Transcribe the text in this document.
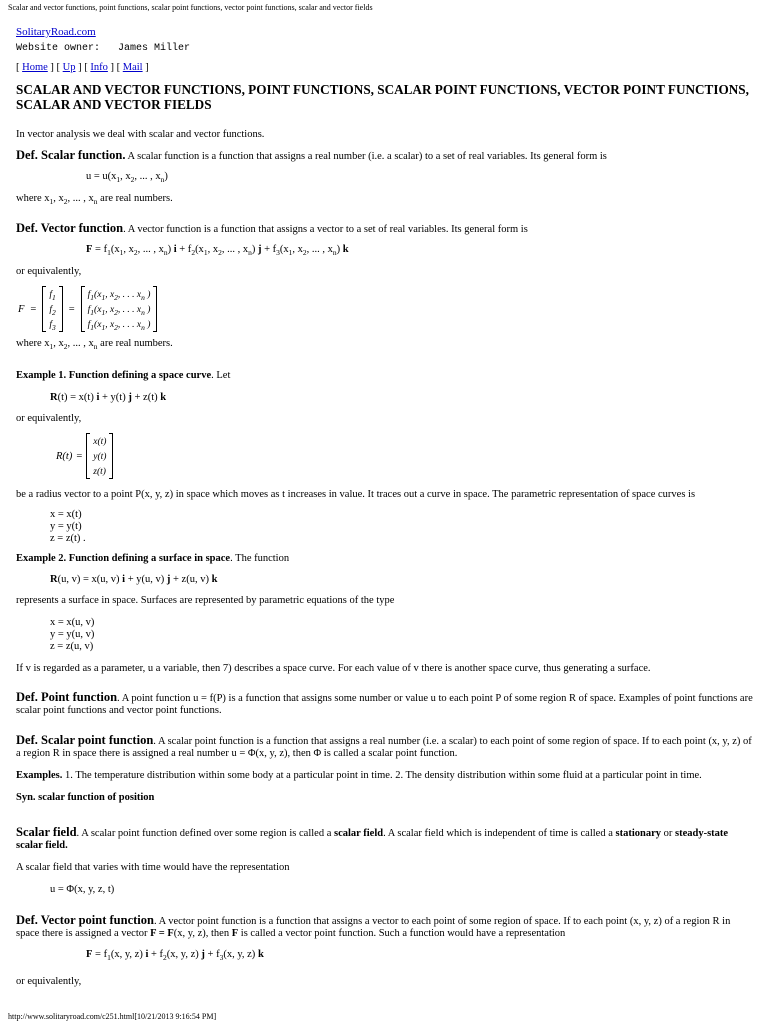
Scalar and vector functions, point functions, scalar point functions, vector point functions, scalar and vector fields
SolitaryRoad.com
Website owner: James Miller
[ Home ] [ Up ] [ Info ] [ Mail ]
SCALAR AND VECTOR FUNCTIONS, POINT FUNCTIONS, SCALAR POINT FUNCTIONS, VECTOR POINT FUNCTIONS, SCALAR AND VECTOR FIELDS

In vector analysis we deal with scalar and vector functions.

Def. Scalar function. A scalar function is a function that assigns a real number (i.e. a scalar) to a set of real variables. Its general form is

$u = u(x_1$, $x_2$, ... , $x_n$)

where $x_1$, $x_2$, ... , $x_n$ are real numbers.

Def. Vector function. A vector function is a function that assigns a vector to a set of real variables. Its general form is

$F = f_1(x_1$, $x_2$, ... , $x_n$) $i + f_2(x_1$, $x_2$, ... , $x_n$) $j + f_3(x_1$, $x_2$, ... , $x_n$) k

or equivalently,

F =
$f_1$
$f_2$
$f_3$
=
$f_1(x_1$, $x_2$, . . . $x_n$ )
$f_1(x_1$, $x_2$, . . . $x_n$ )
$f_1(x_1$, $x_2$, . . . $x_n$ )

where $x_1$, $x_2$, ... , $x_n$ are real numbers.

Example 1. Function defining a space curve. Let

R(t) = x(t) i + y(t) j + z(t) k

or equivalently,

R(t) =
x(t)
y(t)
z(t)

be a radius vector to a point P(x, y, z) in space which moves as t increases in value. It traces out a curve in space. The parametric representation of space curves is

x = x(t)

y = y(t)

z = z(t) .

Example 2. Function defining a surface in space. The function

R(u, v) = x(u, v) i + y(u, v) j + z(u, v) k

represents a surface in space. Surfaces are represented by parametric equations of the type

x = x(u, v)

y = y(u, v)

z = z(u, v)

If v is regarded as a parameter, u a variable, then 7) describes a space curve. For each value of v there is another space curve, thus generating a surface.

Def. Point function. A point function u = f(P) is a function that assigns some number or value u to each point P of some region R of space. Examples of point functions are scalar point functions and vector point functions.

Def. Scalar point function. A scalar point function is a function that assigns a real number (i.e. a scalar) to each point of some region of space. If to each point (x, y, z) of a region R in space there is assigned a real number u = Φ(x, y, z), then Φ is called a scalar point function.

Examples. 1. The temperature distribution within some body at a particular point in time. 2. The density distribution within some fluid at a particular point in time.

Syn. scalar function of position

Scalar field. A scalar point function defined over some region is called a scalar field. A scalar field which is independent of time is called a stationary or steady-state scalar field.

A scalar field that varies with time would have the representation

u = Φ(x, y, z, t)

Def. Vector point function. A vector point function is a function that assigns a vector to each point of some region of space. If to each point (x, y, z) of a region R in space there is assigned a vector F = F(x, y, z), then F is called a vector point function. Such a function would have a representation

$F = f_1(x$, y, z) $i + f_2(x$, y, z) $j + f_3(x$, y, z) k

or equivalently,

http://www.solitaryroad.com/c251.html[10/21/2013 9:16:54 PM]
